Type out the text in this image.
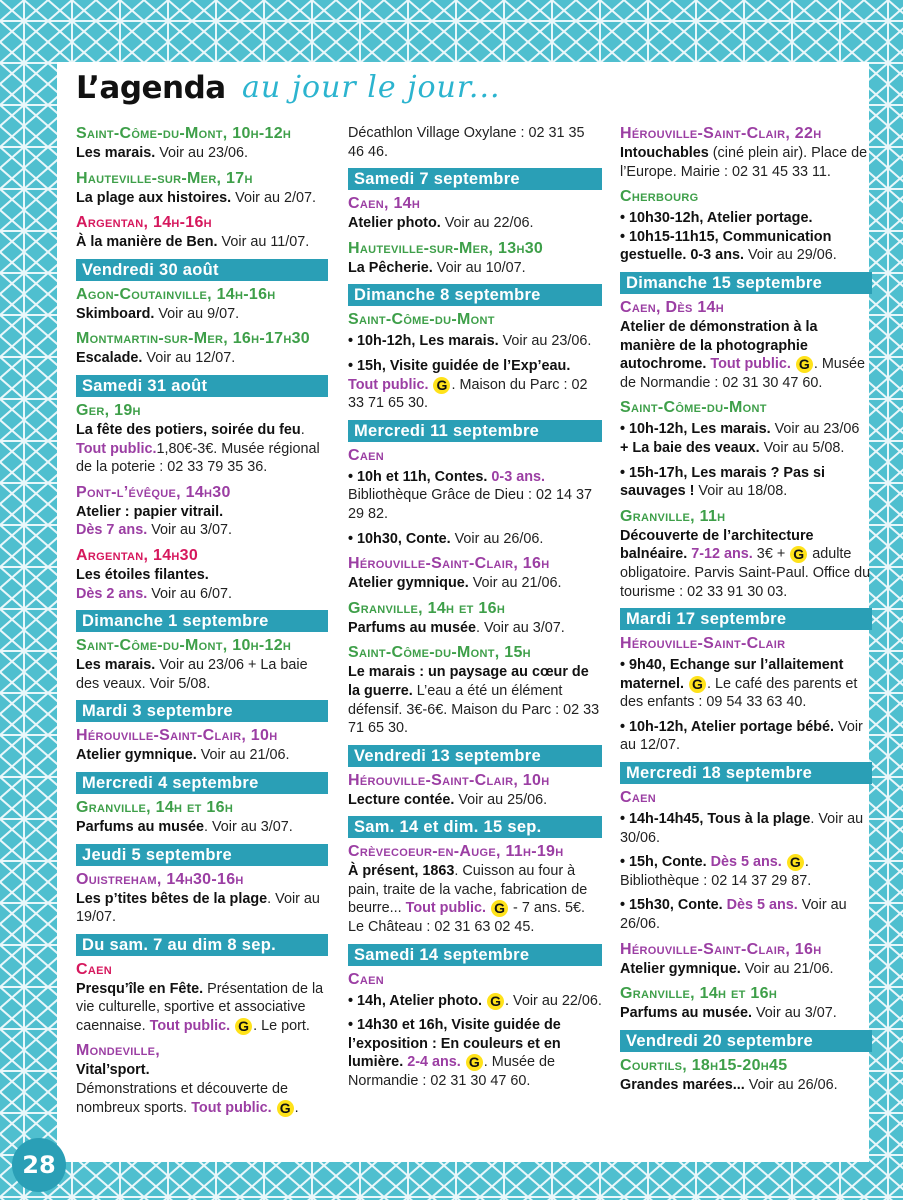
L’agenda au jour le jour...
Saint-Côme-du-Mont, 10h-12h
Les marais. Voir au 23/06.
Hauteville-sur-Mer, 17h
La plage aux histoires. Voir au 2/07.
Argentan, 14h-16h
À la manière de Ben. Voir au 11/07.
Vendredi 30 août
Agon-Coutainville, 14h-16h
Skimboard. Voir au 9/07.
Montmartin-sur-Mer, 16h-17h30
Escalade. Voir au 12/07.
Samedi 31 août
Ger, 19h
La fête des potiers, soirée du feu.
Tout public.1,80€-3€. Musée régional de la poterie : 02 33 79 35 36.
Pont-l’évêque, 14h30
Atelier : papier vitrail.
Dès 7 ans. Voir au 3/07.
Argentan, 14h30
Les étoiles filantes.
Dès 2 ans. Voir au 6/07.
Dimanche 1 septembre
Saint-Côme-du-Mont, 10h-12h
Les marais. Voir au 23/06 + La baie des veaux. Voir 5/08.
Mardi 3 septembre
Hérouville-Saint-Clair, 10h
Atelier gymnique. Voir au 21/06.
Mercredi 4 septembre
Granville, 14h et 16h
Parfums au musée. Voir au 3/07.
Jeudi 5 septembre
Ouistreham, 14h30-16h
Les p’tites bêtes de la plage. Voir au 19/07.
Du sam. 7 au dim 8 sep.
Caen
Presqu’île en Fête. Présentation de la vie culturelle, sportive et associative caennaise. Tout public. G . Le port.
Mondeville,
Vital’sport.
Démonstrations et découverte de nombreux sports. Tout public. G .
Décathlon Village Oxylane : 02 31 35 46 46.
Samedi 7 septembre
Caen, 14h
Atelier photo. Voir au 22/06.
Hauteville-sur-Mer, 13h30
La Pêcherie. Voir au 10/07.
Dimanche 8 septembre
Saint-Côme-du-Mont
• 10h-12h, Les marais. Voir au 23/06.
• 15h, Visite guidée de l’Exp’eau.
Tout public. G . Maison du Parc : 02 33 71 65 30.
Mercredi 11 septembre
Caen
• 10h et 11h, Contes. 0-3 ans. Bibliothèque Grâce de Dieu : 02 14 37 29 82.
• 10h30, Conte. Voir au 26/06.
Hérouville-Saint-Clair, 16h
Atelier gymnique. Voir au 21/06.
Granville, 14h et 16h
Parfums au musée. Voir au 3/07.
Saint-Côme-du-Mont, 15h
Le marais : un paysage au cœur de la guerre. L’eau a été un élément défensif. 3€-6€. Maison du Parc : 02 33 71 65 30.
Vendredi 13 septembre
Hérouville-Saint-Clair, 10h
Lecture contée. Voir au 25/06.
Sam. 14 et dim. 15 sep.
Crèvecoeur-en-Auge, 11h-19h
À présent, 1863. Cuisson au four à pain, traite de la vache, fabrication de beurre... Tout public. G - 7 ans. 5€. Le Château : 02 31 63 02 45.
Samedi 14 septembre
Caen
• 14h, Atelier photo. G . Voir au 22/06.
• 14h30 et 16h, Visite guidée de l’exposition : En couleurs et en lumière. 2-4 ans. G . Musée de Normandie : 02 31 30 47 60.
Hérouville-Saint-Clair, 22h
Intouchables (ciné plein air). Place de l’Europe. Mairie : 02 31 45 33 11.
Cherbourg
• 10h30-12h, Atelier portage.
• 10h15-11h15, Communication gestuelle. 0-3 ans. Voir au 29/06.
Dimanche 15 septembre
Caen, Dès 14h
Atelier de démonstration à la manière de la photographie autochrome. Tout public. G . Musée de Normandie : 02 31 30 47 60.
Saint-Côme-du-Mont
• 10h-12h, Les marais. Voir au 23/06
+ La baie des veaux. Voir au 5/08.
• 15h-17h, Les marais ? Pas si sauvages ! Voir au 18/08.
Granville, 11h
Découverte de l’architecture balnéaire. 7-12 ans. 3€ + G adulte obligatoire. Parvis Saint-Paul. Office du tourisme : 02 33 91 30 03.
Mardi 17 septembre
Hérouville-Saint-Clair
• 9h40, Echange sur l’allaitement maternel. G . Le café des parents et des enfants : 09 54 33 63 40.
• 10h-12h, Atelier portage bébé. Voir au 12/07.
Mercredi 18 septembre
Caen
• 14h-14h45, Tous à la plage. Voir au 30/06.
• 15h, Conte. Dès 5 ans. G . Bibliothèque : 02 14 37 29 87.
• 15h30, Conte. Dès 5 ans. Voir au 26/06.
Hérouville-Saint-Clair, 16h
Atelier gymnique. Voir au 21/06.
Granville, 14h et 16h
Parfums au musée. Voir au 3/07.
Vendredi 20 septembre
Courtils, 18h15-20h45
Grandes marées... Voir au 26/06.
28
